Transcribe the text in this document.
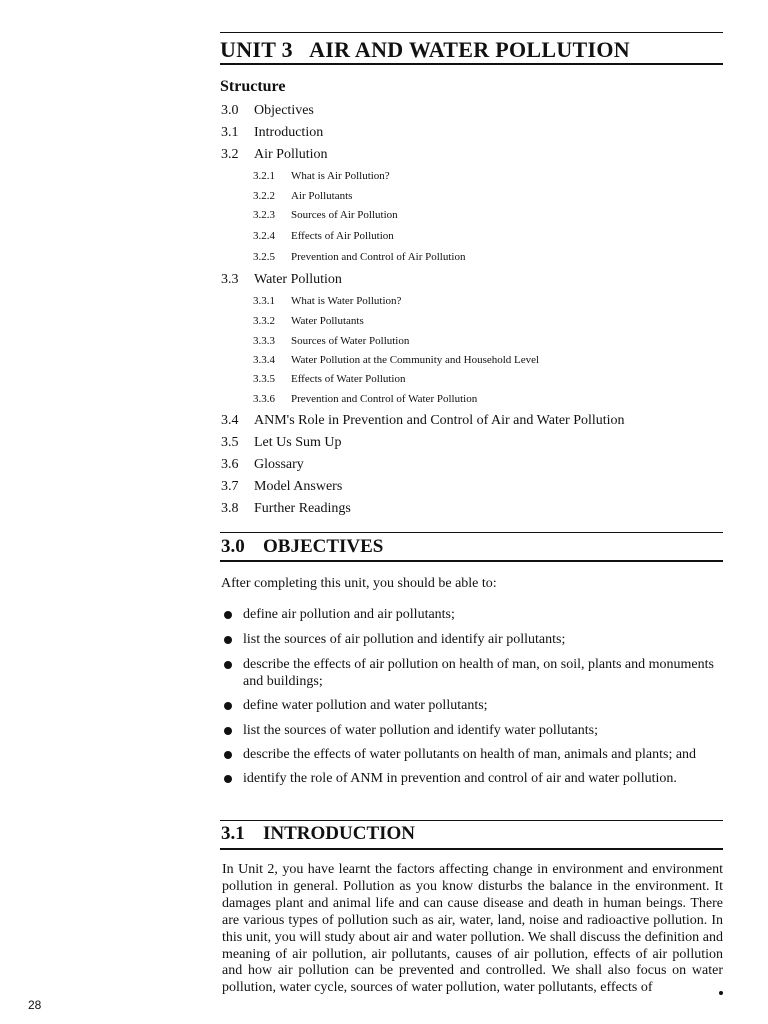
UNIT 3   AIR AND WATER POLLUTION
Structure
3.0 Objectives
3.1 Introduction
3.2 Air Pollution
3.2.1 What is Air Pollution?
3.2.2 Air Pollutants
3.2.3 Sources of Air Pollution
3.2.4 Effects of Air Pollution
3.2.5 Prevention and Control of Air Pollution
3.3 Water Pollution
3.3.1 What is Water Pollution?
3.3.2 Water Pollutants
3.3.3 Sources of Water Pollution
3.3.4 Water Pollution at the Community and Household Level
3.3.5 Effects of Water Pollution
3.3.6 Prevention and Control of Water Pollution
3.4 ANM's Role in Prevention and Control of Air and Water Pollution
3.5 Let Us Sum Up
3.6 Glossary
3.7 Model Answers
3.8 Further Readings
3.0 OBJECTIVES
After completing this unit, you should be able to:
define air pollution and air pollutants;
list the sources of air pollution and identify air pollutants;
describe the effects of air pollution on health of man, on soil, plants and monuments and buildings;
define water pollution and water pollutants;
list the sources of water pollution and identify water pollutants;
describe the effects of water pollutants on health of man, animals and plants; and
identify the role of ANM in prevention and control of air and water pollution.
3.1 INTRODUCTION
In Unit 2, you have learnt the factors affecting change in environment and environment pollution in general. Pollution as you know disturbs the balance in the environment. It damages plant and animal life and can cause disease and death in human beings. There are various types of pollution such as air, water, land, noise and radioactive pollution. In this unit, you will study about air and water pollution. We shall discuss the definition and meaning of air pollution, air pollutants, causes of air pollution, effects of air pollution and how air pollution can be prevented and controlled. We shall also focus on water pollution, water cycle, sources of water pollution, water pollutants, effects of
28
